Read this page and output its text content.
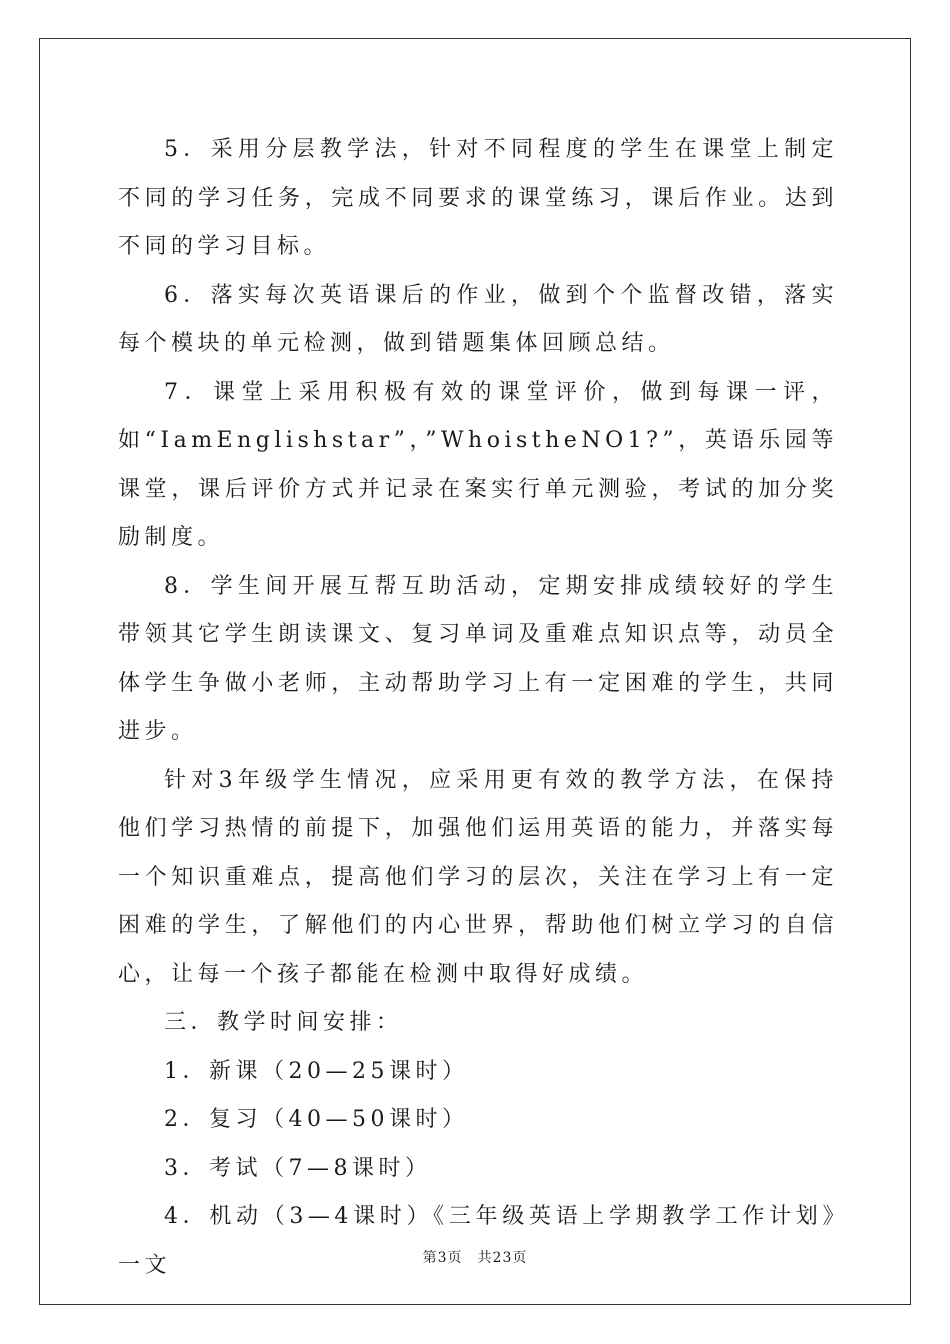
5．采用分层教学法，针对不同程度的学生在课堂上制定不同的学习任务，完成不同要求的课堂练习，课后作业。达到不同的学习目标。

6．落实每次英语课后的作业，做到个个监督改错，落实每个模块的单元检测，做到错题集体回顾总结。

7．课堂上采用积极有效的课堂评价，做到每课一评，如“IamEnglishstar”，”WhoistheNO1?”，英语乐园等课堂，课后评价方式并记录在案实行单元测验，考试的加分奖励制度。

8．学生间开展互帮互助活动，定期安排成绩较好的学生带领其它学生朗读课文、复习单词及重难点知识点等，动员全体学生争做小老师，主动帮助学习上有一定困难的学生，共同进步。

针对3年级学生情况，应采用更有效的教学方法，在保持他们学习热情的前提下，加强他们运用英语的能力，并落实每一个知识重难点，提高他们学习的层次，关注在学习上有一定困难的学生，了解他们的内心世界，帮助他们树立学习的自信心，让每一个孩子都能在检测中取得好成绩。

三．教学时间安排：

1．新课（20—25课时）

2．复习（40—50课时）

3．考试（7—8课时）

4．机动（3—4课时）《三年级英语上学期教学工作计划》一文	第3页　共23页
